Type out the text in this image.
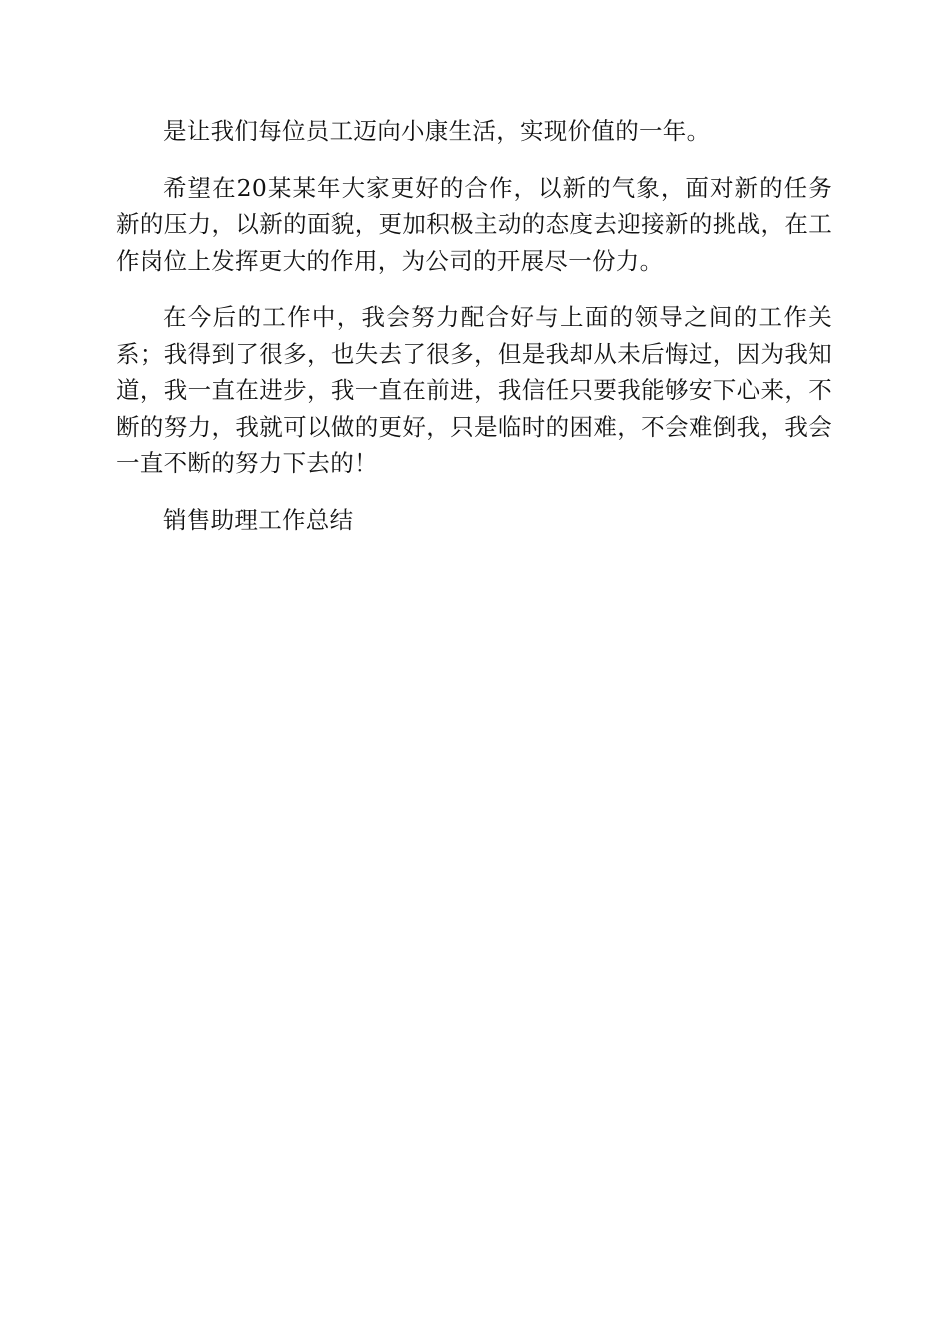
是让我们每位员工迈向小康生活，实现价值的一年。

希望在20某某年大家更好的合作，以新的气象，面对新的任务新的压力，以新的面貌，更加积极主动的态度去迎接新的挑战，在工作岗位上发挥更大的作用，为公司的开展尽一份力。

在今后的工作中，我会努力配合好与上面的领导之间的工作关系；我得到了很多，也失去了很多，但是我却从未后悔过，因为我知道，我一直在进步，我一直在前进，我信任只要我能够安下心来，不断的努力，我就可以做的更好，只是临时的困难，不会难倒我，我会一直不断的努力下去的！

销售助理工作总结
